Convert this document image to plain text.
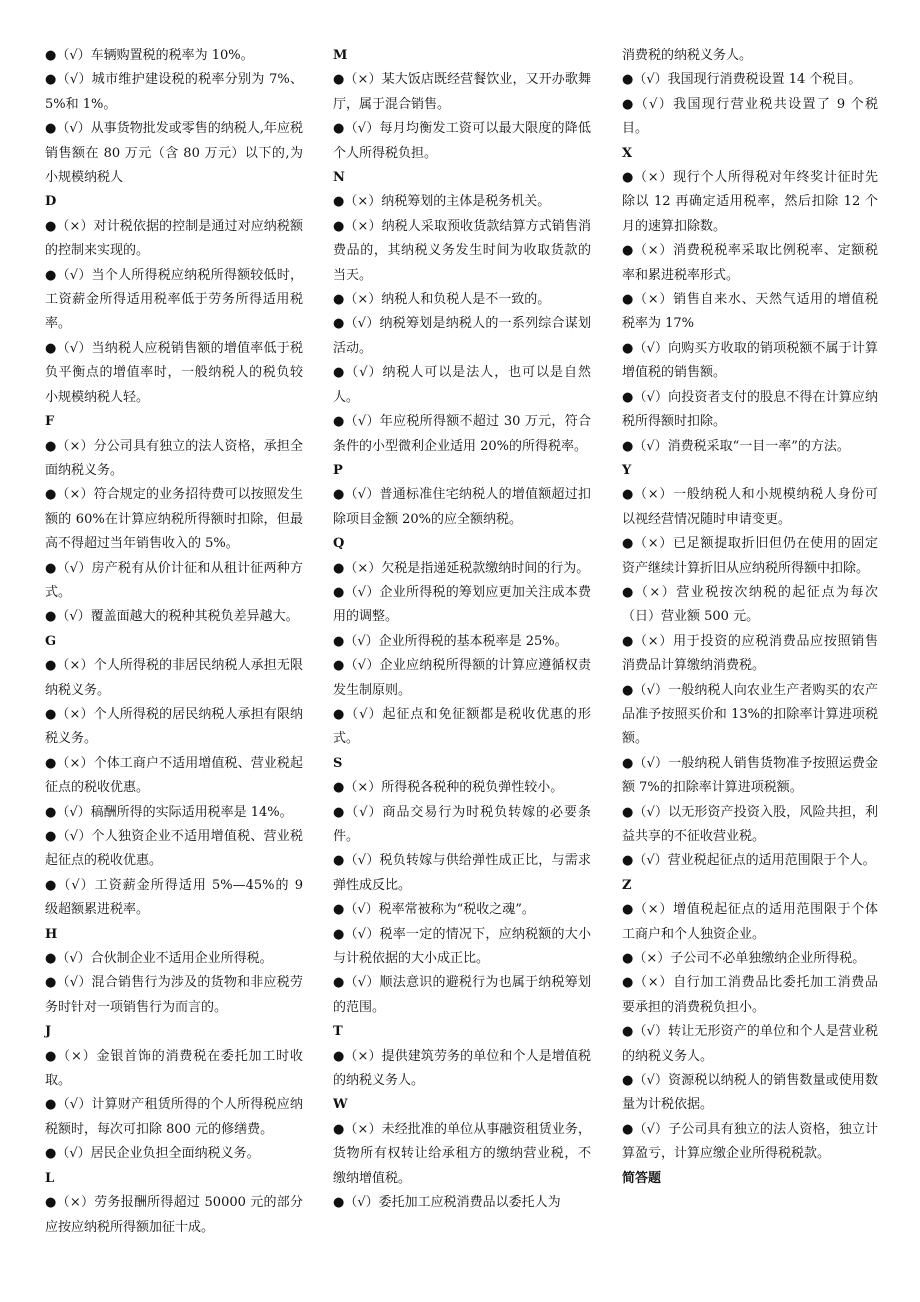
●（√）车辆购置税的税率为 10%。
●（√）城市维护建设税的税率分别为 7%、5%和 1%。
●（√）从事货物批发或零售的纳税人,年应税销售额在 80 万元（含 80 万元）以下的,为小规模纳税人
D
●（×）对计税依据的控制是通过对应纳税额的控制来实现的。
●（√）当个人所得税应纳税所得额较低时，工资薪金所得适用税率低于劳务所得适用税率。
●（√）当纳税人应税销售额的增值率低于税负平衡点的增值率时，一般纳税人的税负较小规模纳税人轻。
F
●（×）分公司具有独立的法人资格，承担全面纳税义务。
●（×）符合规定的业务招待费可以按照发生额的 60%在计算应纳税所得额时扣除，但最高不得超过当年销售收入的 5%。
●（√）房产税有从价计征和从租计征两种方式。
●（√）覆盖面越大的税种其税负差异越大。
G
●（×）个人所得税的非居民纳税人承担无限纳税义务。
●（×）个人所得税的居民纳税人承担有限纳税义务。
●（×）个体工商户不适用增值税、营业税起征点的税收优惠。
●（√）稿酬所得的实际适用税率是 14%。
●（√）个人独资企业不适用增值税、营业税起征点的税收优惠。
●（√）工资薪金所得适用 5%—45%的 9 级超额累进税率。
H
●（√）合伙制企业不适用企业所得税。
●（√）混合销售行为涉及的货物和非应税劳务时针对一项销售行为而言的。
J
●（×）金银首饰的消费税在委托加工时收取。
●（√）计算财产租赁所得的个人所得税应纳税额时，每次可扣除 800 元的修缮费。
●（√）居民企业负担全面纳税义务。
L
●（×）劳务报酬所得超过 50000 元的部分应按应纳税所得额加征十成。
M
●（×）某大饭店既经营餐饮业，又开办歌舞厅，属于混合销售。
●（√）每月均衡发工资可以最大限度的降低个人所得税负担。
N
●（×）纳税筹划的主体是税务机关。
●（×）纳税人采取预收货款结算方式销售消费品的，其纳税义务发生时间为收取货款的当天。
●（×）纳税人和负税人是不一致的。
●（√）纳税筹划是纳税人的一系列综合谋划活动。
●（√）纳税人可以是法人，也可以是自然人。
●（√）年应税所得额不超过 30 万元，符合条件的小型微利企业适用 20%的所得税率。
P
●（√）普通标准住宅纳税人的增值额超过扣除项目金额 20%的应全额纳税。
Q
●（×）欠税是指递延税款缴纳时间的行为。
●（√）企业所得税的筹划应更加关注成本费用的调整。
●（√）企业所得税的基本税率是 25%。
●（√）企业应纳税所得额的计算应遵循权责发生制原则。
●（√）起征点和免征额都是税收优惠的形式。
S
●（×）所得税各税种的税负弹性较小。
●（√）商品交易行为时税负转嫁的必要条件。
●（√）税负转嫁与供给弹性成正比，与需求弹性成反比。
●（√）税率常被称为“税收之魂”。
●（√）税率一定的情况下，应纳税额的大小与计税依据的大小成正比。
●（√）顺法意识的避税行为也属于纳税筹划的范围。
T
●（×）提供建筑劳务的单位和个人是增值税的纳税义务人。
W
●（×）未经批准的单位从事融资租赁业务，货物所有权转让给承租方的缴纳营业税，不缴纳增值税。
●（√）委托加工应税消费品以委托人为
消费税的纳税义务人。
●（√）我国现行消费税设置 14 个税目。
●（√）我国现行营业税共设置了 9 个税目。
X
●（×）现行个人所得税对年终奖计征时先除以 12 再确定适用税率，然后扣除 12 个月的速算扣除数。
●（×）消费税税率采取比例税率、定额税率和累进税率形式。
●（×）销售自来水、天然气适用的增值税税率为 17%
●（√）向购买方收取的销项税额不属于计算增值税的销售额。
●（√）向投资者支付的股息不得在计算应纳税所得额时扣除。
●（√）消费税采取“一目一率”的方法。
Y
●（×）一般纳税人和小规模纳税人身份可以视经营情况随时申请变更。
●（×）已足额提取折旧但仍在使用的固定资产继续计算折旧从应纳税所得额中扣除。
●（×）营业税按次纳税的起征点为每次（日）营业额 500 元。
●（×）用于投资的应税消费品应按照销售消费品计算缴纳消费税。
●（√）一般纳税人向农业生产者购买的农产品准予按照买价和 13%的扣除率计算进项税额。
●（√）一般纳税人销售货物准予按照运费金额 7%的扣除率计算进项税额。
●（√）以无形资产投资入股，风险共担，利益共享的不征收营业税。
●（√）营业税起征点的适用范围限于个人。
Z
●（×）增值税起征点的适用范围限于个体工商户和个人独资企业。
●（×）子公司不必单独缴纳企业所得税。
●（×）自行加工消费品比委托加工消费品要承担的消费税负担小。
●（√）转让无形资产的单位和个人是营业税的纳税义务人。
●（√）资源税以纳税人的销售数量或使用数量为计税依据。
●（√）子公司具有独立的法人资格，独立计算盈亏，计算应缴企业所得税税款。
简答题
